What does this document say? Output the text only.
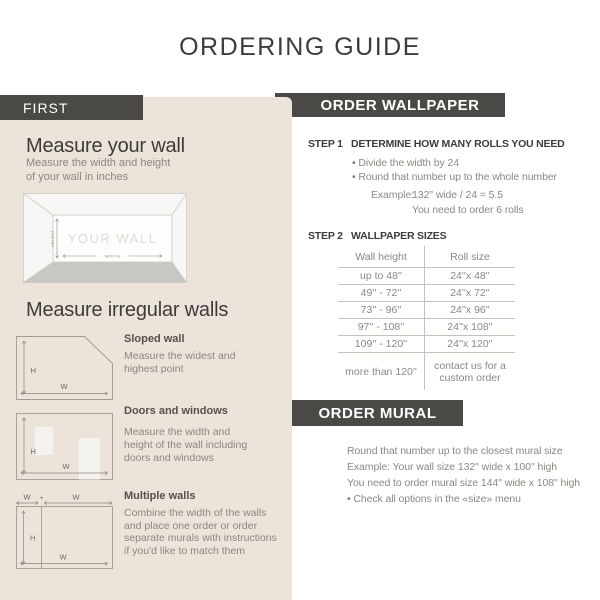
ORDERING GUIDE
ORDER WALLPAPER
FIRST
ORDER MURAL
Measure your wall
Measure the width and height
of your wall in inches
YOUR WALL
HEIGHT
WIDTH
Measure irregular walls
H
W
Sloped wall
Measure the widest and
highest point
H
W
Doors and windows
Measure the width and
height of the wall including
doors and windows
W +	W
H
W
Multiple walls
Combine the width of the walls
and place one order or order
separate murals with instructions
if you'd like to match them
STEP 1 DETERMINE HOW MANY ROLLS YOU NEED
• Divide the width by 24
• Round that number up to the whole number
Example:
132'' wide / 24 = 5.5
You need to order 6 rolls
STEP 2 WALLPAPER SIZES
Wall height	Roll size
up to 48''	24''x 48''
49'' - 72''	24''x 72''
73'' - 96''	24''x 96''
97'' - 108''	24''x 108''
109'' - 120''	24''x 120''
more than 120''	contact us for a custom order
Round that number up to the closest mural size
Example: Your wall size 132'' wide x 100'' high
You need to order mural size 144'' wide x 108'' high
• Check all options in the «size» menu
